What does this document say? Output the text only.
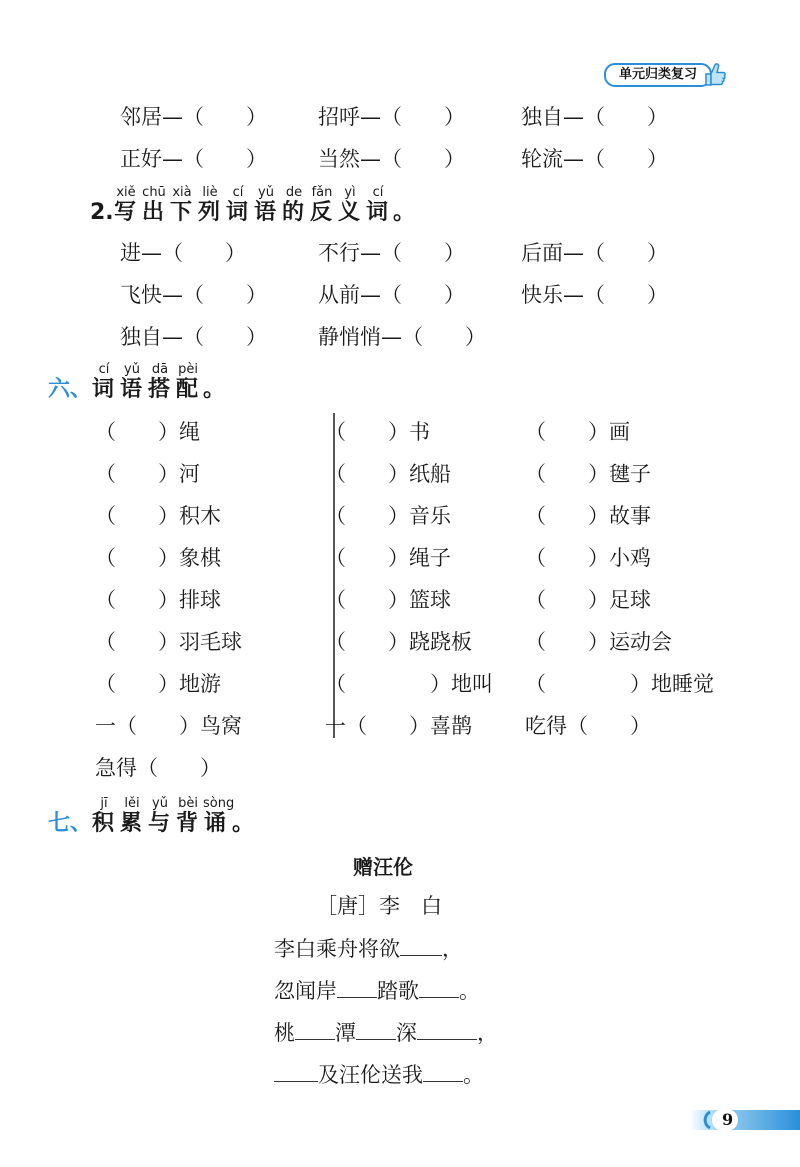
单元归类复习
邻居—（　　） 招呼—（　　）	独自—（　　）
正好—（　　） 当然—（　　）	轮流—（　　）
2.
xiě chū xià liè	cí	yǔ de fǎn yì	cí
写 出 下 列 词 语 的 反 义 词 。
进—（　　）	不行—（　　）	后面—（　　）
飞快—（　　） 从前—（　　）	快乐—（　　）
独自—（　　） 静悄悄—（　　）
六、
cí	yǔ dā pèi
词 语 搭 配 。
（　　）绳	（　　）书	（　　）画
（　　）河	（　　）纸船	（　　）毽子
（　　）积木	（　　）音乐	（　　）故事
（　　）象棋	（　　）绳子	（　　）小鸡
（　　）排球	（　　）篮球	（　　）足球
（　　）羽毛球	（　　）跷跷板	（　　）运动会
（　　）地游	（　　　　）地叫 （　　　　）地睡觉
一（　　）鸟窝	一（　　）喜鹊	吃得（　　）
急得（　　）
七、
jī	lěi yǔ bèi sòng
积 累 与 背 诵 。
赠汪伦
［唐］李　白
李白乘舟将欲 ，
忽闻岸 踏歌 。
桃 潭 深	，
及汪伦送我 。
9
